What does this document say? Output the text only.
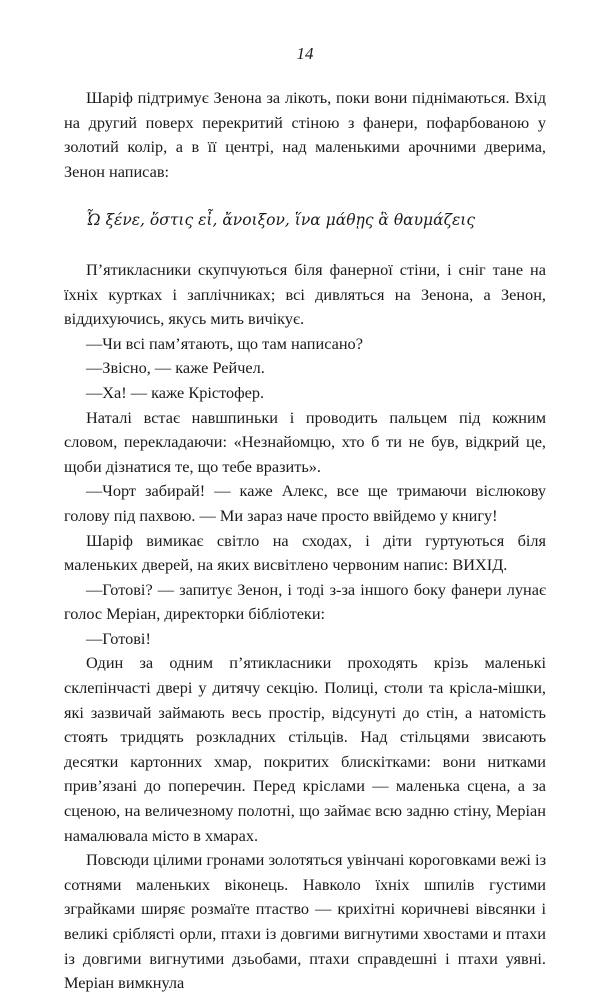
14

Шаріф підтримує Зенона за лікоть, поки вони піднімаються. Вхід на другий поверх перекритий стіною з фанери, пофарбованою у золотий колір, а в її центрі, над маленькими арочними дверима, Зенон написав:

Ὦ ξένε, ὅστις εἶ, ἄνοιξον, ἵνα μάθῃς ἃ θαυμάζεις

П’ятикласники скупчуються біля фанерної стіни, і сніг тане на їхніх куртках і заплічниках; всі дивляться на Зенона, а Зенон, віддихуючись, якусь мить вичікує.

—Чи всі пам’ятають, що там написано?

—Звісно, — каже Рейчел.

—Ха! — каже Крістофер.

Наталі встає навшпиньки і проводить пальцем під кожним словом, перекладаючи: «Незнайомцю, хто б ти не був, відкрий це, щоби дізнатися те, що тебе вразить».

—Чорт забирай! — каже Алекс, все ще тримаючи віслюкову голову під пахвою. — Ми зараз наче просто ввійдемо у книгу!

Шаріф вимикає світло на сходах, і діти гуртуються біля маленьких дверей, на яких висвітлено червоним напис: ВИХІД.

—Готові? — запитує Зенон, і тоді з-за іншого боку фанери лунає голос Меріан, директорки бібліотеки:

—Готові!

Один за одним п’ятикласники проходять крізь маленькі склепінчасті двері у дитячу секцію. Полиці, столи та крісла-мішки, які зазвичай займають весь простір, відсунуті до стін, а натомість стоять тридцять розкладних стільців. Над стільцями звисають десятки картонних хмар, покритих блискітками: вони нитками прив’язані до поперечин. Перед кріслами — маленька сцена, а за сценою, на величезному полотні, що займає всю задню стіну, Меріан намалювала місто в хмарах.

Повсюди цілими гронами золотяться увінчані короговками вежі із сотнями маленьких віконець. Навколо їхніх шпилів густими зграйками ширяє розмаїте птаство — крихітні коричневі вівсянки і великі сріблясті орли, птахи із довгими вигнутими хвостами и птахи із довгими вигнутими дзьобами, птахи справдешні і птахи уявні. Меріан вимкнула
